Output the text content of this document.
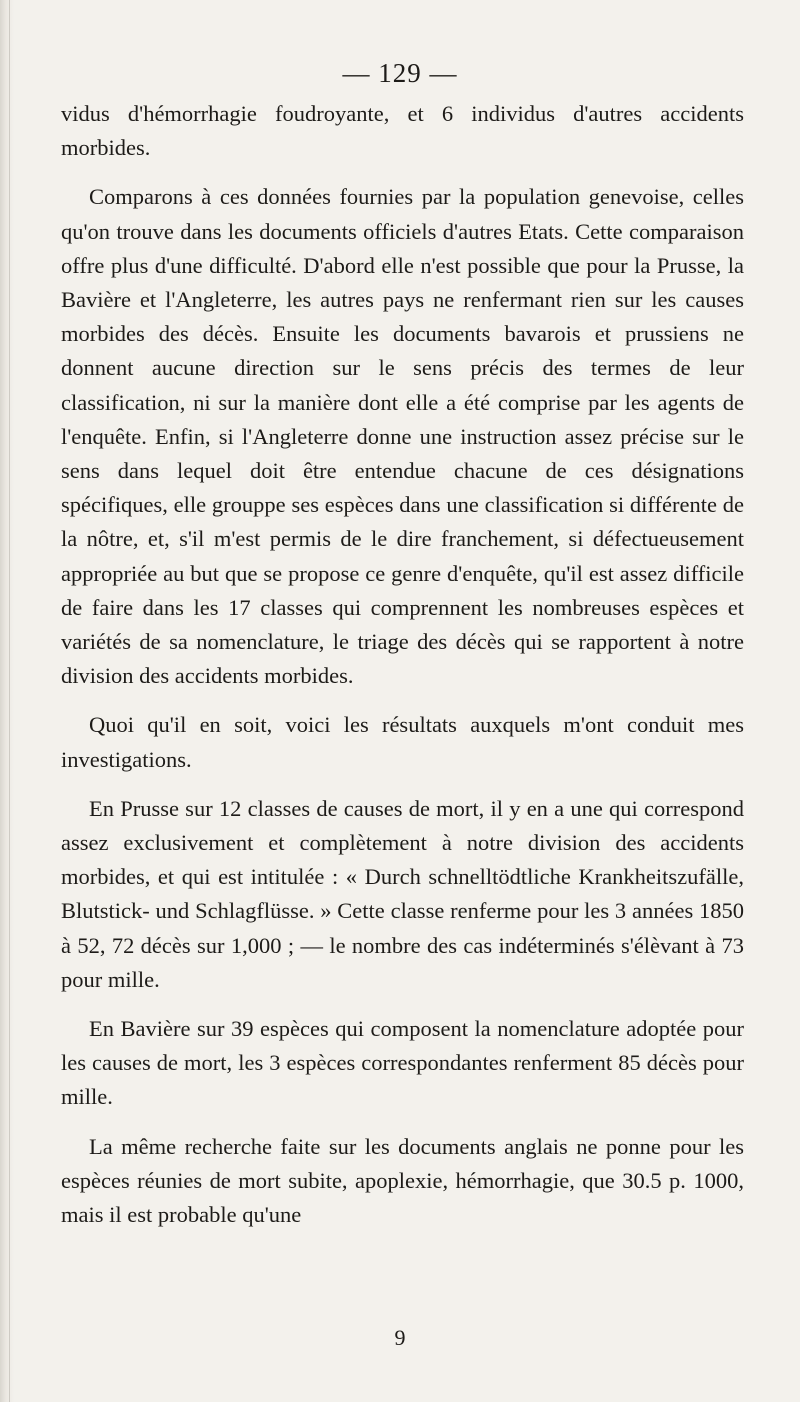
— 129 —

vidus d'hémorrhagie foudroyante, et 6 individus d'autres accidents morbides.

Comparons à ces données fournies par la population genevoise, celles qu'on trouve dans les documents officiels d'autres Etats. Cette comparaison offre plus d'une difficulté. D'abord elle n'est possible que pour la Prusse, la Bavière et l'Angleterre, les autres pays ne renfermant rien sur les causes morbides des décès. Ensuite les documents bavarois et prussiens ne donnent aucune direction sur le sens précis des termes de leur classification, ni sur la manière dont elle a été comprise par les agents de l'enquête. Enfin, si l'Angleterre donne une instruction assez précise sur le sens dans lequel doit être entendue chacune de ces désignations spécifiques, elle grouppe ses espèces dans une classification si différente de la nôtre, et, s'il m'est permis de le dire franchement, si défectueusement appropriée au but que se propose ce genre d'enquête, qu'il est assez difficile de faire dans les 17 classes qui comprennent les nombreuses espèces et variétés de sa nomenclature, le triage des décès qui se rapportent à notre division des accidents morbides.

Quoi qu'il en soit, voici les résultats auxquels m'ont conduit mes investigations.

En Prusse sur 12 classes de causes de mort, il y en a une qui correspond assez exclusivement et complètement à notre division des accidents morbides, et qui est intitulée : « Durch schnelltödtliche Krankheitszufälle, Blutstick- und Schlagflüsse. » Cette classe renferme pour les 3 années 1850 à 52, 72 décès sur 1,000 ; — le nombre des cas indéterminés s'élèvant à 73 pour mille.

En Bavière sur 39 espèces qui composent la nomenclature adoptée pour les causes de mort, les 3 espèces correspondantes renferment 85 décès pour mille.

La même recherche faite sur les documents anglais ne ponne pour les espèces réunies de mort subite, apoplexie, hémorrhagie, que 30.5 p. 1000, mais il est probable qu'une

9
